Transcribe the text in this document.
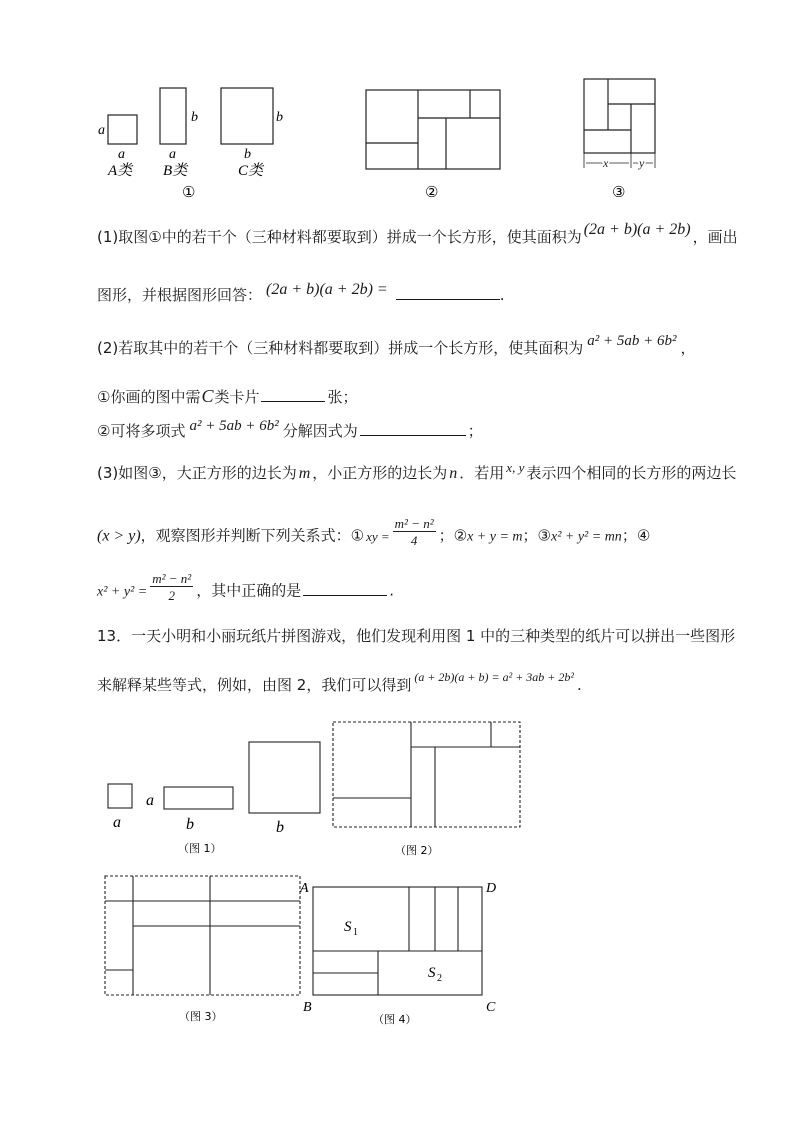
a
a
A类
a
b
B类
b
b
C类
①	②
x	y
③
(1)取图①中的若干个（三种材料都要取到）拼成一个长方形，使其面积为 (2a + b)(a + 2b) ，画出
图形，并根据图形回答： (2a + b)(a + 2b) =	.
(2)若取其中的若干个（三种材料都要取到）拼成一个长方形，使其面积为 a² + 5ab + 6b² ，
①你画的图中需C类卡片	张；
②可将多项式 a² + 5ab + 6b² 分解因式为	；
(3)如图③，大正方形的边长为 m ，小正方形的边长为 n ．若用 x, y 表示四个相同的长方形的两边长
(x > y)，观察图形并判断下列关系式：① xy = $\frac{\text{m² − n²}}{4}$ ；②x + y = m；③x² + y² = mn；④
$x^2 + y^2 = \frac{\text{m² − n²}}{2}$ ，其中正确的是	.
13．一天小明和小丽玩纸片拼图游戏，他们发现利用图 1 中的三种类型的纸片可以拼出一些图形
来解释某些等式，例如，由图 2，我们可以得到 $^{(a + 2b)(a + b) = a^2 + 3ab + 2b^2}$ .
a
a
b	b
（图 1）	（图 2）
（图 3）
A	D
B	C
S 1
S 2
（图 4）
